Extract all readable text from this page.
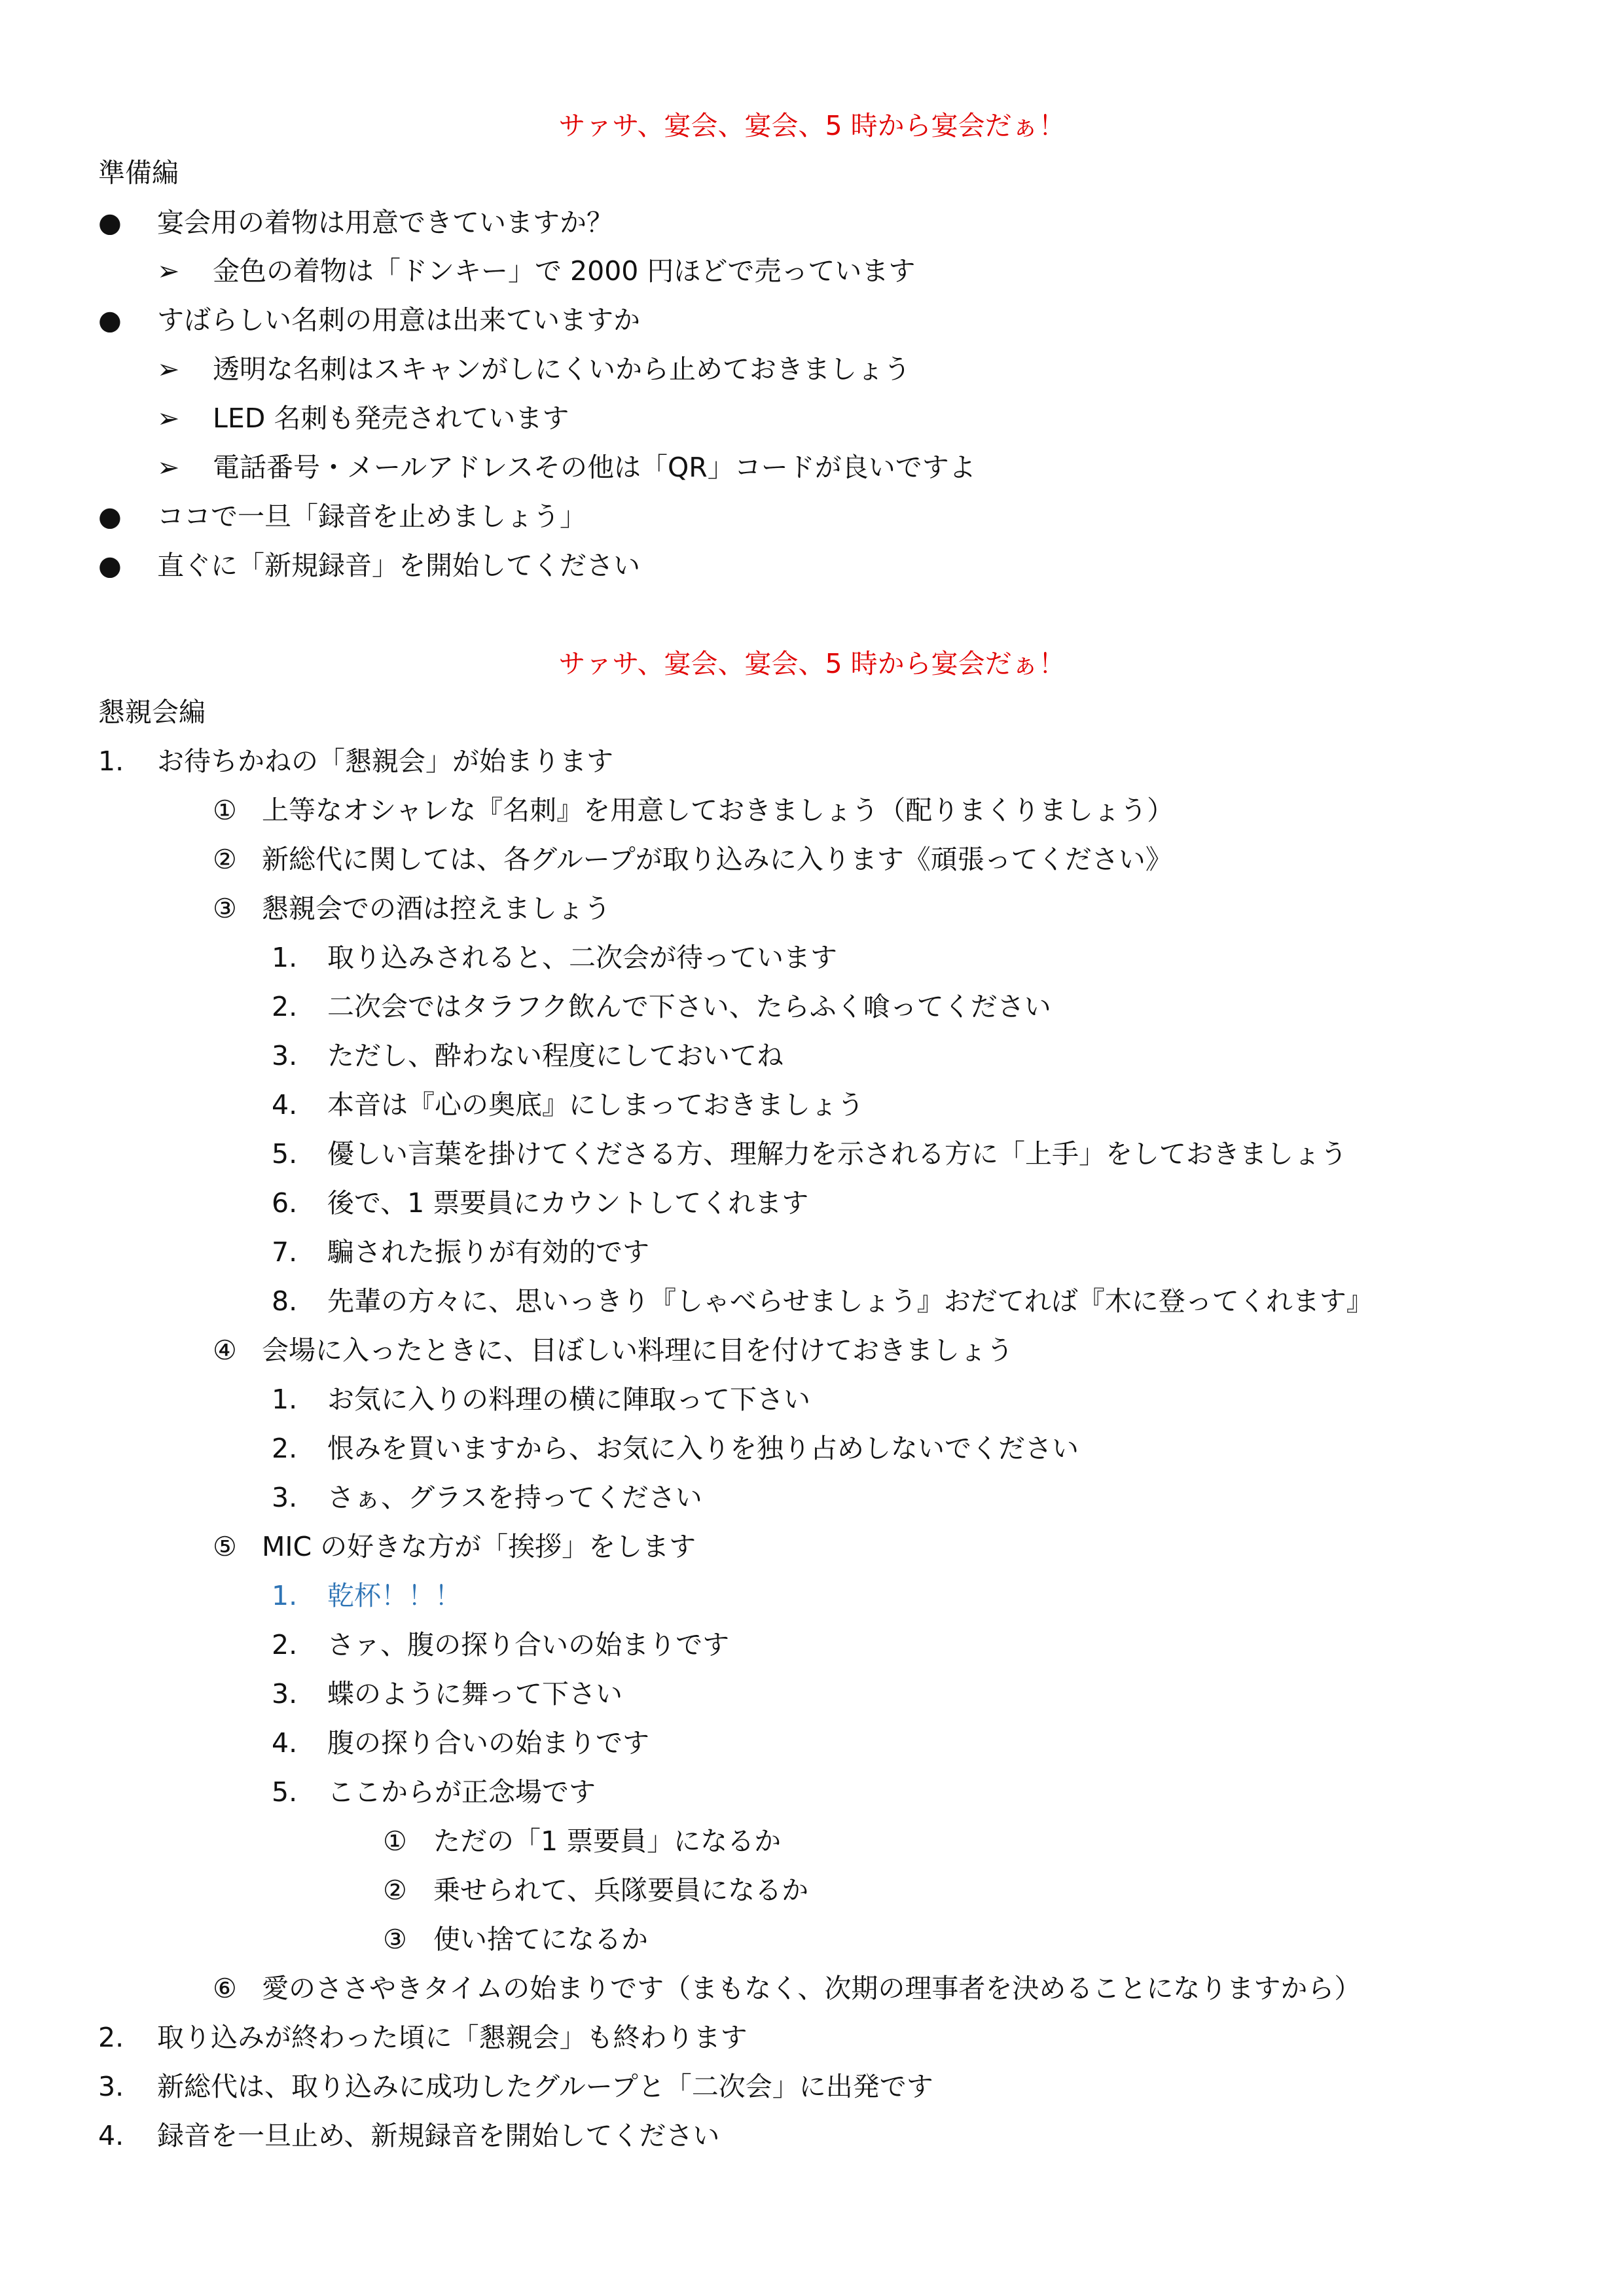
サァサ、宴会、宴会、5 時から宴会だぁ！
準備編
● 宴会用の着物は用意できていますか？
➢ 金色の着物は「ドンキー」で 2000 円ほどで売っています
● すばらしい名刺の用意は出来ていますか
➢ 透明な名刺はスキャンがしにくいから止めておきましょう
➢ LED 名刺も発売されています
➢ 電話番号・メールアドレスその他は「QR」コードが良いですよ
● ココで一旦「録音を止めましょう」
● 直ぐに「新規録音」を開始してください
サァサ、宴会、宴会、5 時から宴会だぁ！
懇親会編
1. お待ちかねの「懇親会」が始まります
① 上等なオシャレな『名刺』を用意しておきましょう（配りまくりましょう）
② 新総代に関しては、各グループが取り込みに入ります《頑張ってください》
③ 懇親会での酒は控えましょう
1. 取り込みされると、二次会が待っています
2. 二次会ではタラフク飲んで下さい、たらふく喰ってください
3. ただし、酔わない程度にしておいてね
4. 本音は『心の奥底』にしまっておきましょう
5. 優しい言葉を掛けてくださる方、理解力を示される方に「上手」をしておきましょう
6. 後で、1 票要員にカウントしてくれます
7. 騙された振りが有効的です
8. 先輩の方々に、思いっきり『しゃべらせましょう』おだてれば『木に登ってくれます』
④ 会場に入ったときに、目ぼしい料理に目を付けておきましょう
1. お気に入りの料理の横に陣取って下さい
2. 恨みを買いますから、お気に入りを独り占めしないでください
3. さぁ、グラスを持ってください
⑤ MIC の好きな方が「挨拶」をします
1. 乾杯！！！
2. さァ、腹の探り合いの始まりです
3. 蝶のように舞って下さい
4. 腹の探り合いの始まりです
5. ここからが正念場です
① ただの「1 票要員」になるか
② 乗せられて、兵隊要員になるか
③ 使い捨てになるか
⑥ 愛のささやきタイムの始まりです（まもなく、次期の理事者を決めることになりますから）
2. 取り込みが終わった頃に「懇親会」も終わります
3. 新総代は、取り込みに成功したグループと「二次会」に出発です
4. 録音を一旦止め、新規録音を開始してください
